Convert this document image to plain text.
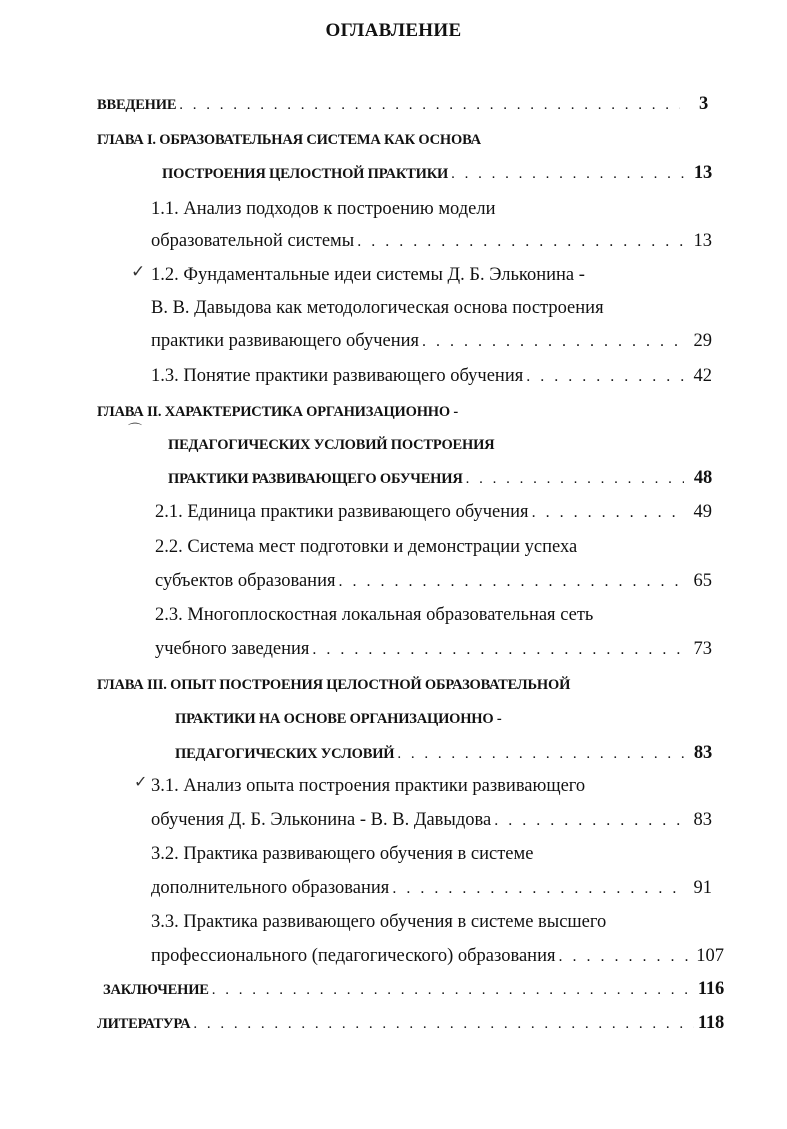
ОГЛАВЛЕНИЕ
ВВЕДЕНИЕ . . .	3
ГЛАВА I. ОБРАЗОВАТЕЛЬНАЯ СИСТЕМА КАК ОСНОВА
ПОСТРОЕНИЯ ЦЕЛОСТНОЙ ПРАКТИКИ . . .	13
1.1. Анализ подходов к построению модели
образовательной системы . . .	13
✓ 1.2. Фундаментальные идеи системы Д. Б. Эльконина -
В. В. Давыдова как методологическая основа построения
практики развивающего обучения . . .	29
1.3. Понятие практики развивающего обучения . . .	42
ГЛАВА II. ХАРАКТЕРИСТИКА ОРГАНИЗАЦИОННО -
⌒
ПЕДАГОГИЧЕСКИХ УСЛОВИЙ ПОСТРОЕНИЯ
ПРАКТИКИ РАЗВИВАЮЩЕГО ОБУЧЕНИЯ . . .	48
2.1. Единица практики развивающего обучения . . .	49
2.2. Система мест подготовки и демонстрации успеха
субъектов образования . . .	65
2.3. Многоплоскостная локальная образовательная сеть
учебного заведения . . .	73
ГЛАВА III. ОПЫТ ПОСТРОЕНИЯ ЦЕЛОСТНОЙ ОБРАЗОВАТЕЛЬНОЙ
ПРАКТИКИ НА ОСНОВЕ ОРГАНИЗАЦИОННО -
ПЕДАГОГИЧЕСКИХ УСЛОВИЙ . . .	83
✓ 3.1. Анализ опыта построения практики развивающего
обучения Д. Б. Эльконина - В. В. Давыдова . . .	83
3.2. Практика развивающего обучения в системе
дополнительного образования . . .	91
3.3. Практика развивающего обучения в системе высшего
профессионального (педагогического) образования . . .	107
ЗАКЛЮЧЕНИЕ . . .	116
ЛИТЕРАТУРА . . .	118
